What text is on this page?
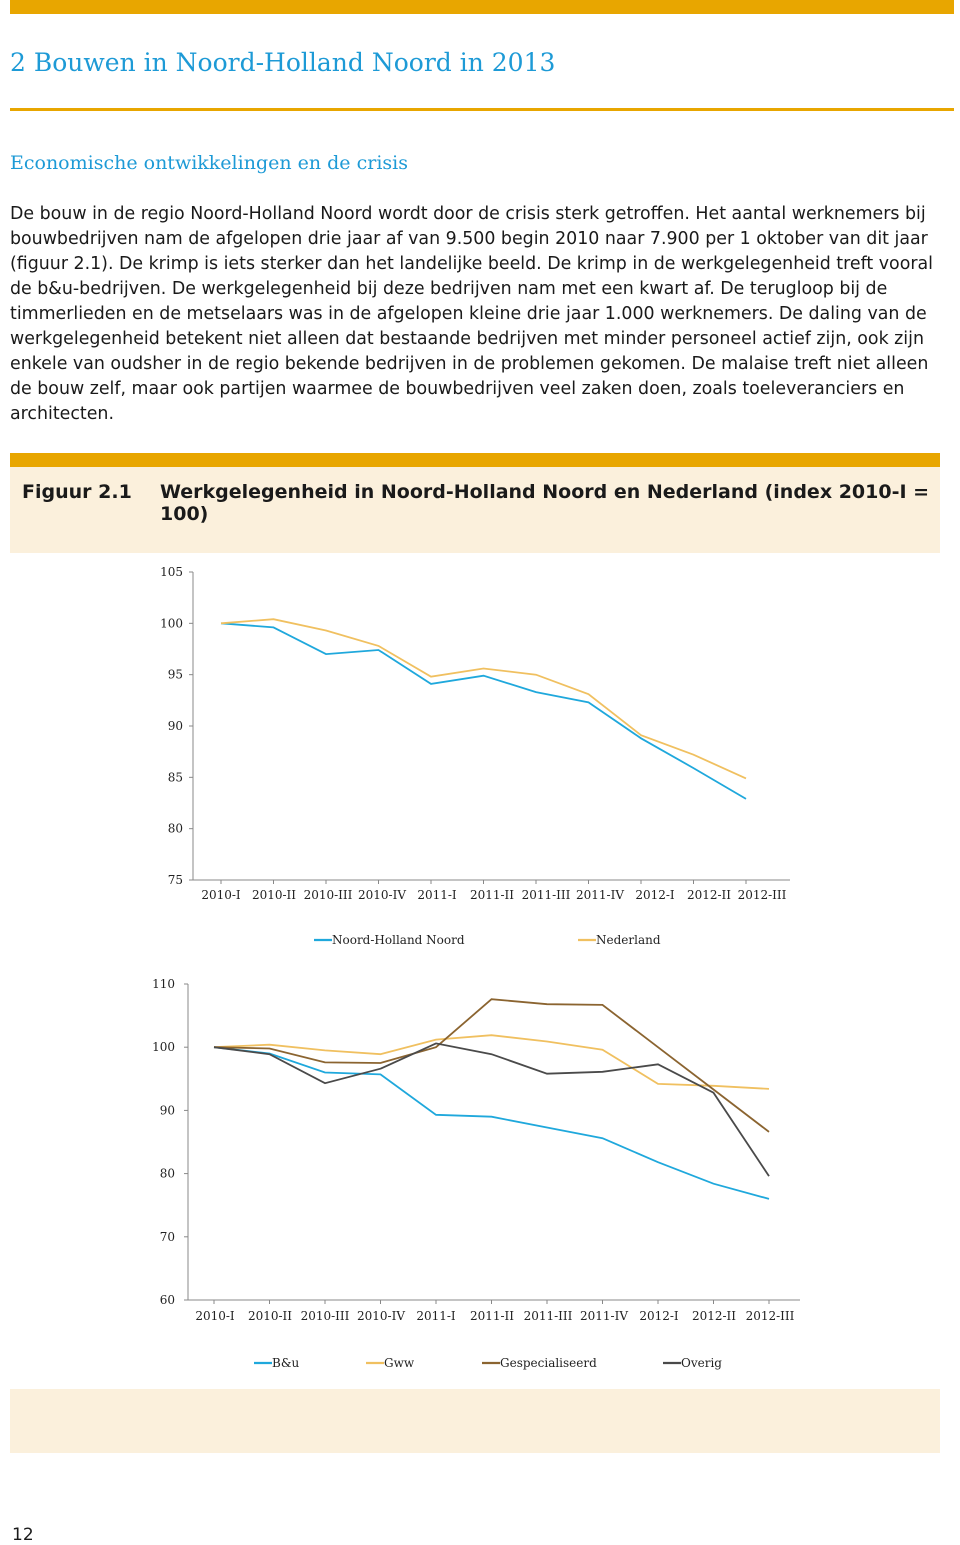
2 Bouwen in Noord-Holland Noord in 2013
Economische ontwikkelingen en de crisis

De bouw in de regio Noord-Holland Noord wordt door de crisis sterk getroffen. Het aantal werknemers bij bouwbedrijven nam de afgelopen drie jaar af van 9.500 begin 2010 naar 7.900 per 1 oktober van dit jaar (figuur 2.1). De krimp is iets sterker dan het landelijke beeld. De krimp in de werkgelegenheid treft vooral de b&u-bedrijven. De werkgelegenheid bij deze bedrijven nam met een kwart af. De terugloop bij de timmerlieden en de metselaars was in de afgelopen kleine drie jaar 1.000 werknemers. De daling van de werkgelegenheid betekent niet alleen dat bestaande bedrijven met minder personeel actief zijn, ook zijn enkele van oudsher in de regio bekende bedrijven in de problemen gekomen. De malaise treft niet alleen de bouw zelf, maar ook partijen waarmee de bouwbedrijven veel zaken doen, zoals toeleveranciers en architecten.

Figuur 2.1 Werkgelegenheid in Noord-Holland Noord en Nederland (index 2010-I = 100)
75
80
85
90
95
100
105
2010-I 2010-II 2010-III 2010-IV 2011-I 2011-II 2011-III 2011-IV 2012-I 2012-II 2012-III
Noord-Holland Noord	Nederland
60
70
80
90
100
110
2010-I 2010-II 2010-III 2010-IV 2011-I 2011-II 2011-III 2011-IV 2012-I 2012-II 2012-III
B&u	Gww	Gespecialiseerd	Overig
12
